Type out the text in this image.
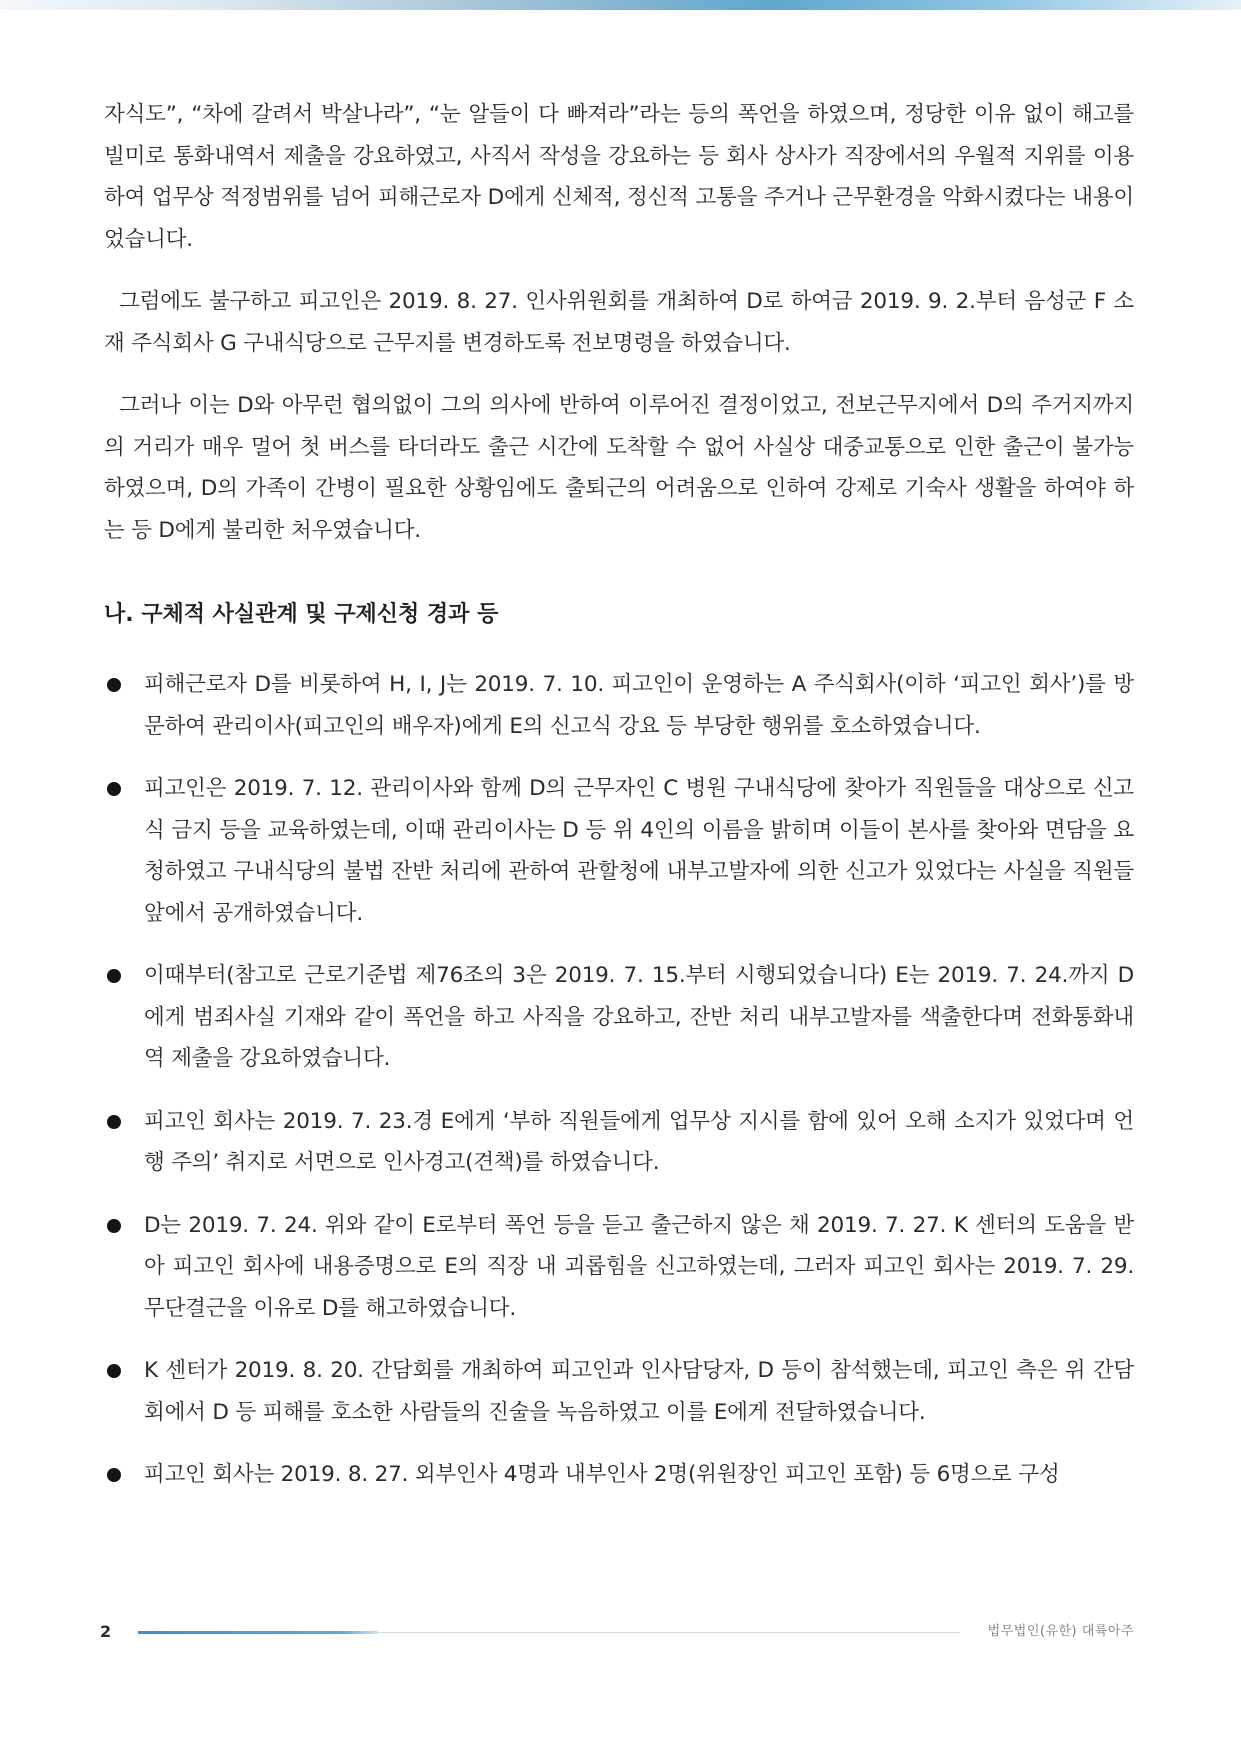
자식도”, “차에 갈려서 박살나라”, “눈 알들이 다 빠져라”라는 등의 폭언을 하였으며, 정당한 이유 없이 해고를 빌미로 통화내역서 제출을 강요하였고, 사직서 작성을 강요하는 등 회사 상사가 직장에서의 우월적 지위를 이용하여 업무상 적정범위를 넘어 피해근로자 D에게 신체적, 정신적 고통을 주거나 근무환경을 악화시켰다는 내용이었습니다.

그럼에도 불구하고 피고인은 2019. 8. 27. 인사위원회를 개최하여 D로 하여금 2019. 9. 2.부터 음성군 F 소재 주식회사 G 구내식당으로 근무지를 변경하도록 전보명령을 하였습니다.

그러나 이는 D와 아무런 협의없이 그의 의사에 반하여 이루어진 결정이었고, 전보근무지에서 D의 주거지까지의 거리가 매우 멀어 첫 버스를 타더라도 출근 시간에 도착할 수 없어 사실상 대중교통으로 인한 출근이 불가능하였으며, D의 가족이 간병이 필요한 상황임에도 출퇴근의 어려움으로 인하여 강제로 기숙사 생활을 하여야 하는 등 D에게 불리한 처우였습니다.

나. 구체적 사실관계 및 구제신청 경과 등
피해근로자 D를 비롯하여 H, I, J는 2019. 7. 10. 피고인이 운영하는 A 주식회사(이하 ‘피고인 회사’)를 방문하여 관리이사(피고인의 배우자)에게 E의 신고식 강요 등 부당한 행위를 호소하였습니다.
피고인은 2019. 7. 12. 관리이사와 함께 D의 근무자인 C 병원 구내식당에 찾아가 직원들을 대상으로 신고식 금지 등을 교육하였는데, 이때 관리이사는 D 등 위 4인의 이름을 밝히며 이들이 본사를 찾아와 면담을 요청하였고 구내식당의 불법 잔반 처리에 관하여 관할청에 내부고발자에 의한 신고가 있었다는 사실을 직원들 앞에서 공개하였습니다.
이때부터(참고로 근로기준법 제76조의 3은 2019. 7. 15.부터 시행되었습니다) E는 2019. 7. 24.까지 D에게 범죄사실 기재와 같이 폭언을 하고 사직을 강요하고, 잔반 처리 내부고발자를 색출한다며 전화통화내역 제출을 강요하였습니다.
피고인 회사는 2019. 7. 23.경 E에게 ‘부하 직원들에게 업무상 지시를 함에 있어 오해 소지가 있었다며 언행 주의’ 취지로 서면으로 인사경고(견책)를 하였습니다.
D는 2019. 7. 24. 위와 같이 E로부터 폭언 등을 듣고 출근하지 않은 채 2019. 7. 27. K 센터의 도움을 받아 피고인 회사에 내용증명으로 E의 직장 내 괴롭힘을 신고하였는데, 그러자 피고인 회사는 2019. 7. 29. 무단결근을 이유로 D를 해고하였습니다.
K 센터가 2019. 8. 20. 간담회를 개최하여 피고인과 인사담당자, D 등이 참석했는데, 피고인 측은 위 간담회에서 D 등 피해를 호소한 사람들의 진술을 녹음하였고 이를 E에게 전달하였습니다.
피고인 회사는 2019. 8. 27. 외부인사 4명과 내부인사 2명(위원장인 피고인 포함) 등 6명으로 구성
2	법무법인(유한) 대륙아주
